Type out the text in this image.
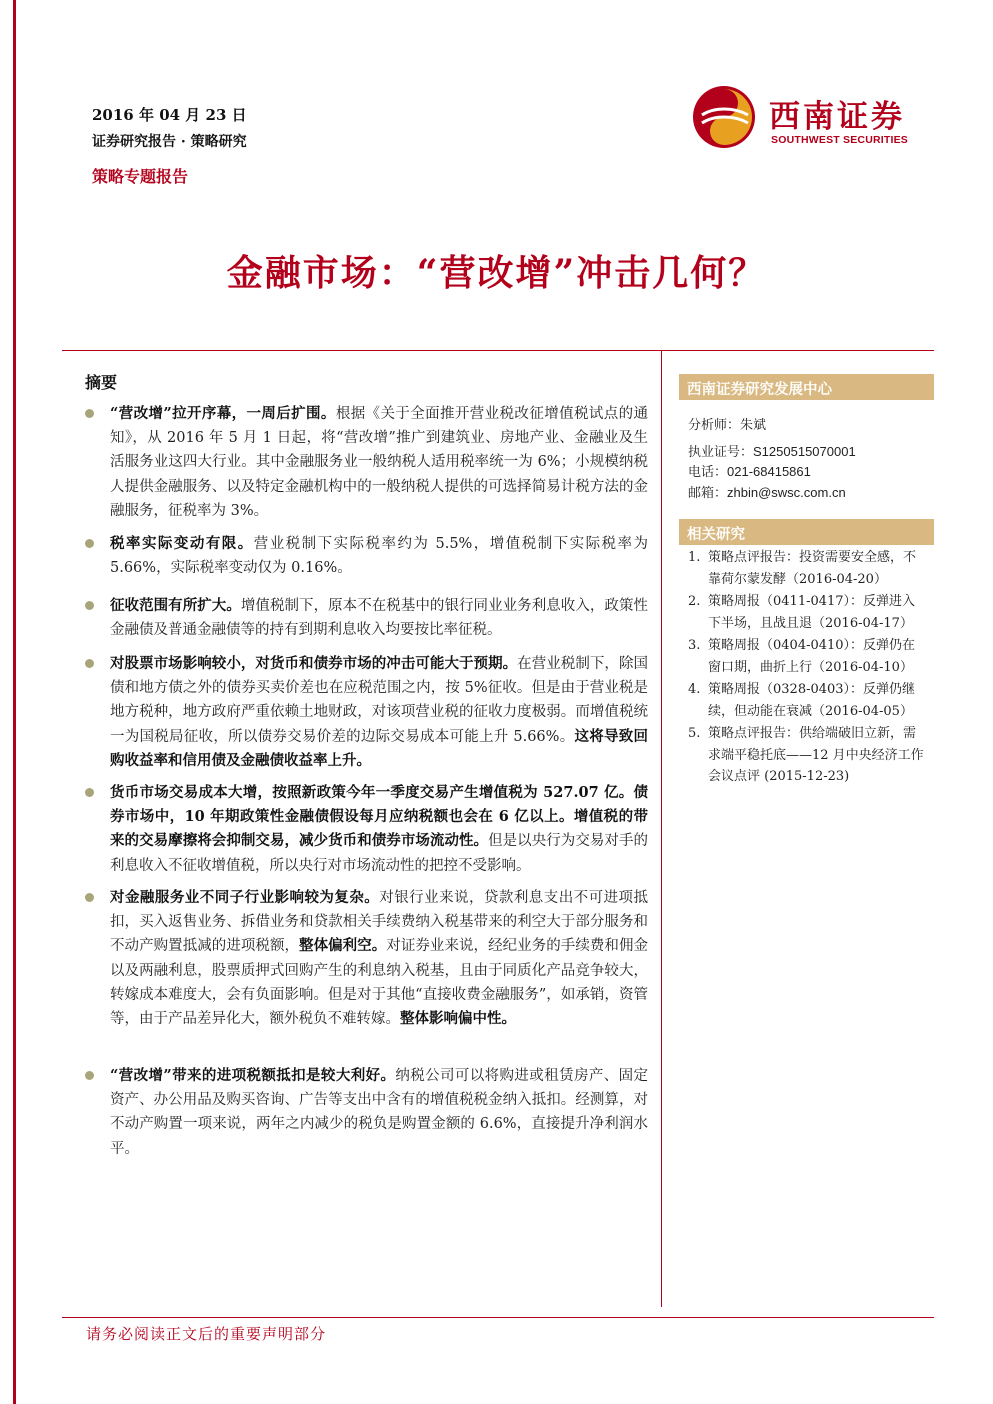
2016 年 04 月 23 日
证券研究报告 · 策略研究
策略专题报告
西南证券
SOUTHWEST SECURITIES
金融市场：“营改增”冲击几何？
摘要
“营改增”拉开序幕，一周后扩围。根据《关于全面推开营业税改征增值税试点的通知》，从 2016 年 5 月 1 日起，将“营改增”推广到建筑业、房地产业、金融业及生活服务业这四大行业。其中金融服务业一般纳税人适用税率统一为 6%；小规模纳税人提供金融服务、以及特定金融机构中的一般纳税人提供的可选择简易计税方法的金融服务，征税率为 3%。
税率实际变动有限。营业税制下实际税率约为 5.5%，增值税制下实际税率为 5.66%，实际税率变动仅为 0.16%。
征收范围有所扩大。增值税制下，原本不在税基中的银行同业业务利息收入，政策性金融债及普通金融债等的持有到期利息收入均要按比率征税。
对股票市场影响较小，对货币和债券市场的冲击可能大于预期。在营业税制下，除国债和地方债之外的债券买卖价差也在应税范围之内，按 5%征收。但是由于营业税是地方税种，地方政府严重依赖土地财政，对该项营业税的征收力度极弱。而增值税统一为国税局征收，所以债券交易价差的边际交易成本可能上升 5.66%。这将导致回购收益率和信用债及金融债收益率上升。
货币市场交易成本大增，按照新政策今年一季度交易产生增值税为 527.07 亿。债券市场中，10 年期政策性金融债假设每月应纳税额也会在 6 亿以上。增值税的带来的交易摩擦将会抑制交易，减少货币和债券市场流动性。但是以央行为交易对手的利息收入不征收增值税，所以央行对市场流动性的把控不受影响。
对金融服务业不同子行业影响较为复杂。对银行业来说，贷款利息支出不可进项抵扣，买入返售业务、拆借业务和贷款相关手续费纳入税基带来的利空大于部分服务和不动产购置抵减的进项税额，整体偏利空。对证券业来说，经纪业务的手续费和佣金以及两融利息，股票质押式回购产生的利息纳入税基，且由于同质化产品竞争较大，转嫁成本难度大，会有负面影响。但是对于其他“直接收费金融服务”，如承销，资管等，由于产品差异化大，额外税负不难转嫁。整体影响偏中性。
“营改增”带来的进项税额抵扣是较大利好。纳税公司可以将购进或租赁房产、固定资产、办公用品及购买咨询、广告等支出中含有的增值税税金纳入抵扣。经测算，对不动产购置一项来说，两年之内减少的税负是购置金额的 6.6%，直接提升净利润水平。
西南证券研究发展中心
分析师：朱斌
执业证号：S1250515070001
电话：021-68415861
邮箱：zhbin@swsc.com.cn
相关研究
1. 策略点评报告：投资需要安全感，不靠荷尔蒙发酵（2016-04-20）
2. 策略周报（0411-0417）：反弹进入下半场，且战且退（2016-04-17）
3. 策略周报（0404-0410）：反弹仍在窗口期，曲折上行（2016-04-10）
4. 策略周报（0328-0403）：反弹仍继续，但动能在衰减（2016-04-05）
5. 策略点评报告：供给端破旧立新，需求端平稳托底——12 月中央经济工作会议点评 (2015-12-23)
请务必阅读正文后的重要声明部分
